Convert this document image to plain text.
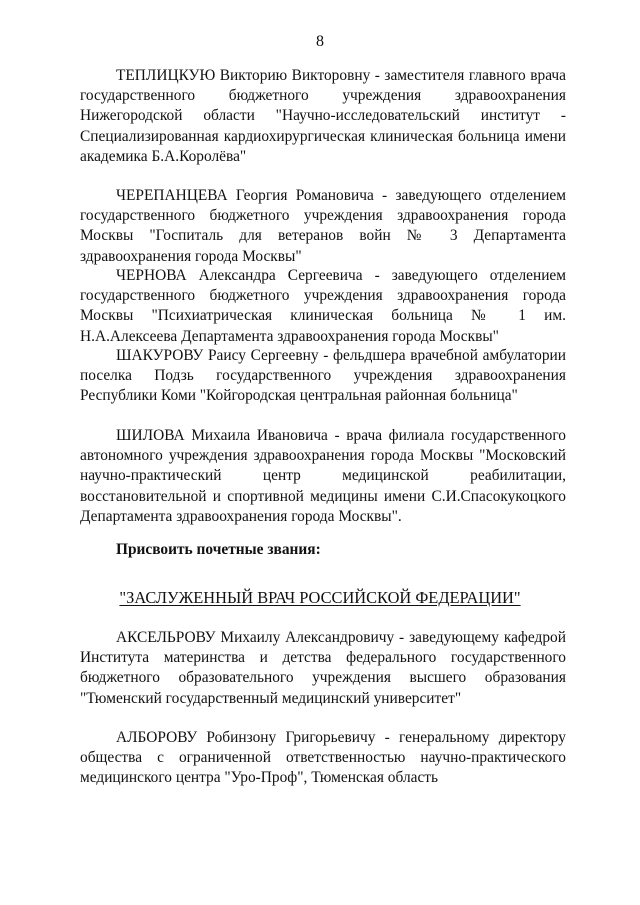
8
ТЕПЛИЦКУЮ Викторию Викторовну - заместителя главного врача государственного бюджетного учреждения здравоохранения Нижегородской области "Научно-исследовательский институт - Специализированная кардиохирургическая клиническая больница имени академика Б.А.Королёва"
ЧЕРЕПАНЦЕВА Георгия Романовича - заведующего отделением государственного бюджетного учреждения здравоохранения города Москвы "Госпиталь для ветеранов войн № 3 Департамента здравоохранения города Москвы"
ЧЕРНОВА Александра Сергеевича - заведующего отделением государственного бюджетного учреждения здравоохранения города Москвы "Психиатрическая клиническая больница № 1 им. Н.А.Алексеева Департамента здравоохранения города Москвы"
ШАКУРОВУ Раису Сергеевну - фельдшера врачебной амбулатории поселка Подзь государственного учреждения здравоохранения Республики Коми "Койгородская центральная районная больница"
ШИЛОВА Михаила Ивановича - врача филиала государственного автономного учреждения здравоохранения города Москвы "Московский научно-практический центр медицинской реабилитации, восстановительной и спортивной медицины имени С.И.Спасокукоцкого Департамента здравоохранения города Москвы".
Присвоить почетные звания:
"ЗАСЛУЖЕННЫЙ ВРАЧ РОССИЙСКОЙ ФЕДЕРАЦИИ"
АКСЕЛЬРОВУ Михаилу Александровичу - заведующему кафедрой Института материнства и детства федерального государственного бюджетного образовательного учреждения высшего образования "Тюменский государственный медицинский университет"
АЛБОРОВУ Робинзону Григорьевичу - генеральному директору общества с ограниченной ответственностью научно-практического медицинского центра "Уро-Проф", Тюменская область
